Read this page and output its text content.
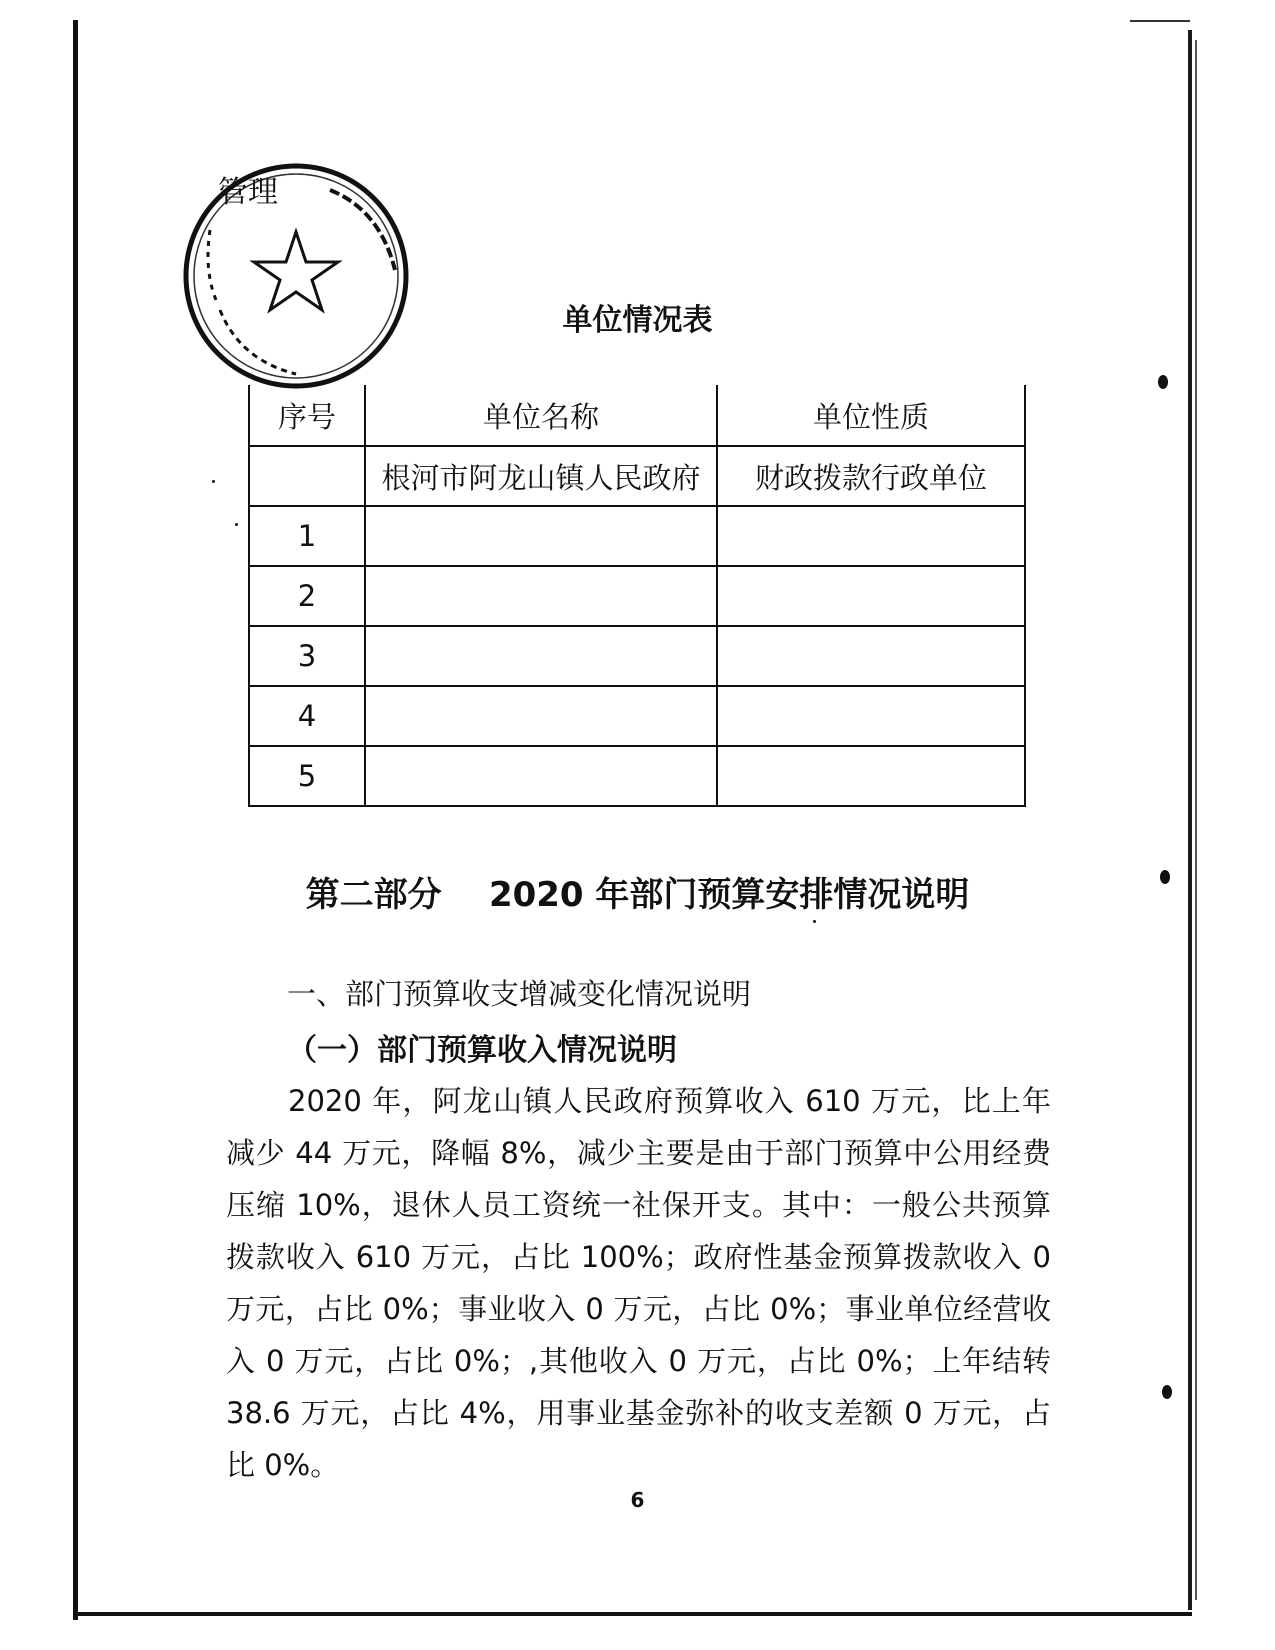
管理
单位情况表
序号	单位名称	单位性质
	根河市阿龙山镇人民政府	财政拨款行政单位
1		
2		
3		
4		
5		
第二部分    2020 年部门预算安排情况说明
一、部门预算收支增减变化情况说明
（一）部门预算收入情况说明
2020 年，阿龙山镇人民政府预算收入 610 万元，比上年减少 44 万元，降幅 8%，减少主要是由于部门预算中公用经费压缩 10%，退休人员工资统一社保开支。其中：一般公共预算拨款收入 610 万元，占比 100%；政府性基金预算拨款收入 0 万元，占比 0%；事业收入 0 万元，占比 0%；事业单位经营收入 0 万元，占比 0%；,其他收入 0 万元，占比 0%；上年结转 38.6 万元，占比 4%，用事业基金弥补的收支差额 0 万元，占比 0%。
6
